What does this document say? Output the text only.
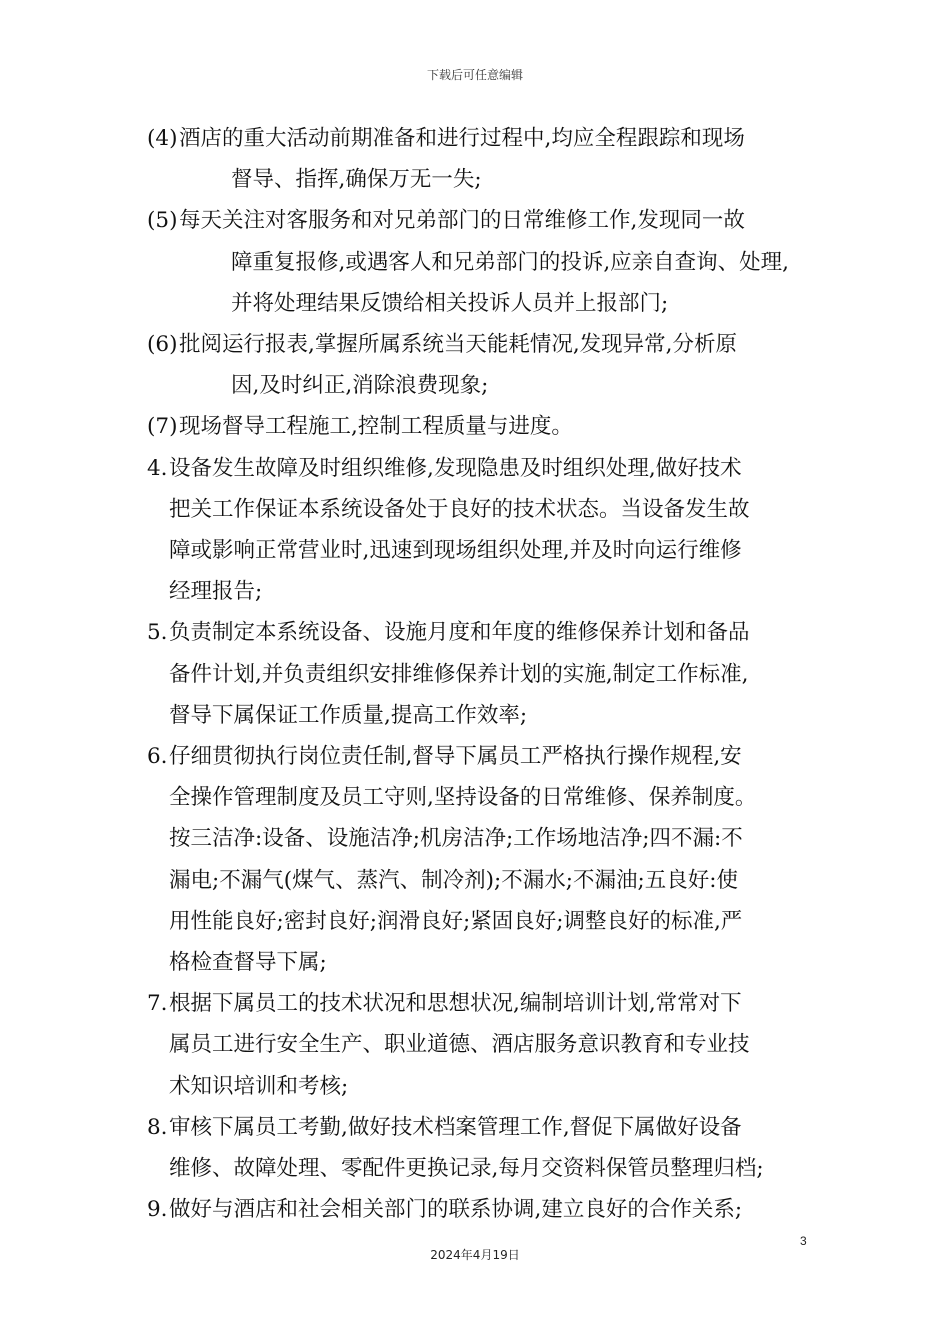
下载后可任意编辑
(4) 酒店的重大活动前期准备和进行过程中,均应全程跟踪和现场
督导、指挥,确保万无一失;
(5) 每天关注对客服务和对兄弟部门的日常维修工作,发现同一故
障重复报修,或遇客人和兄弟部门的投诉,应亲自查询、处理,
并将处理结果反馈给相关投诉人员并上报部门;
(6) 批阅运行报表,掌握所属系统当天能耗情况,发现异常,分析原
因,及时纠正,消除浪费现象;
(7) 现场督导工程施工,控制工程质量与进度。
4. 设备发生故障及时组织维修,发现隐患及时组织处理,做好技术
把关工作保证本系统设备处于良好的技术状态。当设备发生故
障或影响正常营业时,迅速到现场组织处理,并及时向运行维修
经理报告;
5. 负责制定本系统设备、设施月度和年度的维修保养计划和备品
备件计划,并负责组织安排维修保养计划的实施,制定工作标准,
督导下属保证工作质量,提高工作效率;
6. 仔细贯彻执行岗位责任制,督导下属员工严格执行操作规程,安
全操作管理制度及员工守则,坚持设备的日常维修、保养制度。
按三洁净:设备、设施洁净;机房洁净;工作场地洁净;四不漏:不
漏电;不漏气(煤气、蒸汽、制冷剂);不漏水;不漏油;五良好:使
用性能良好;密封良好;润滑良好;紧固良好;调整良好的标准,严
格检查督导下属;
7. 根据下属员工的技术状况和思想状况,编制培训计划,常常对下
属员工进行安全生产、职业道德、酒店服务意识教育和专业技
术知识培训和考核;
8. 审核下属员工考勤,做好技术档案管理工作,督促下属做好设备
维修、故障处理、零配件更换记录,每月交资料保管员整理归档;
9. 做好与酒店和社会相关部门的联系协调,建立良好的合作关系;
3
2024年4月19日
